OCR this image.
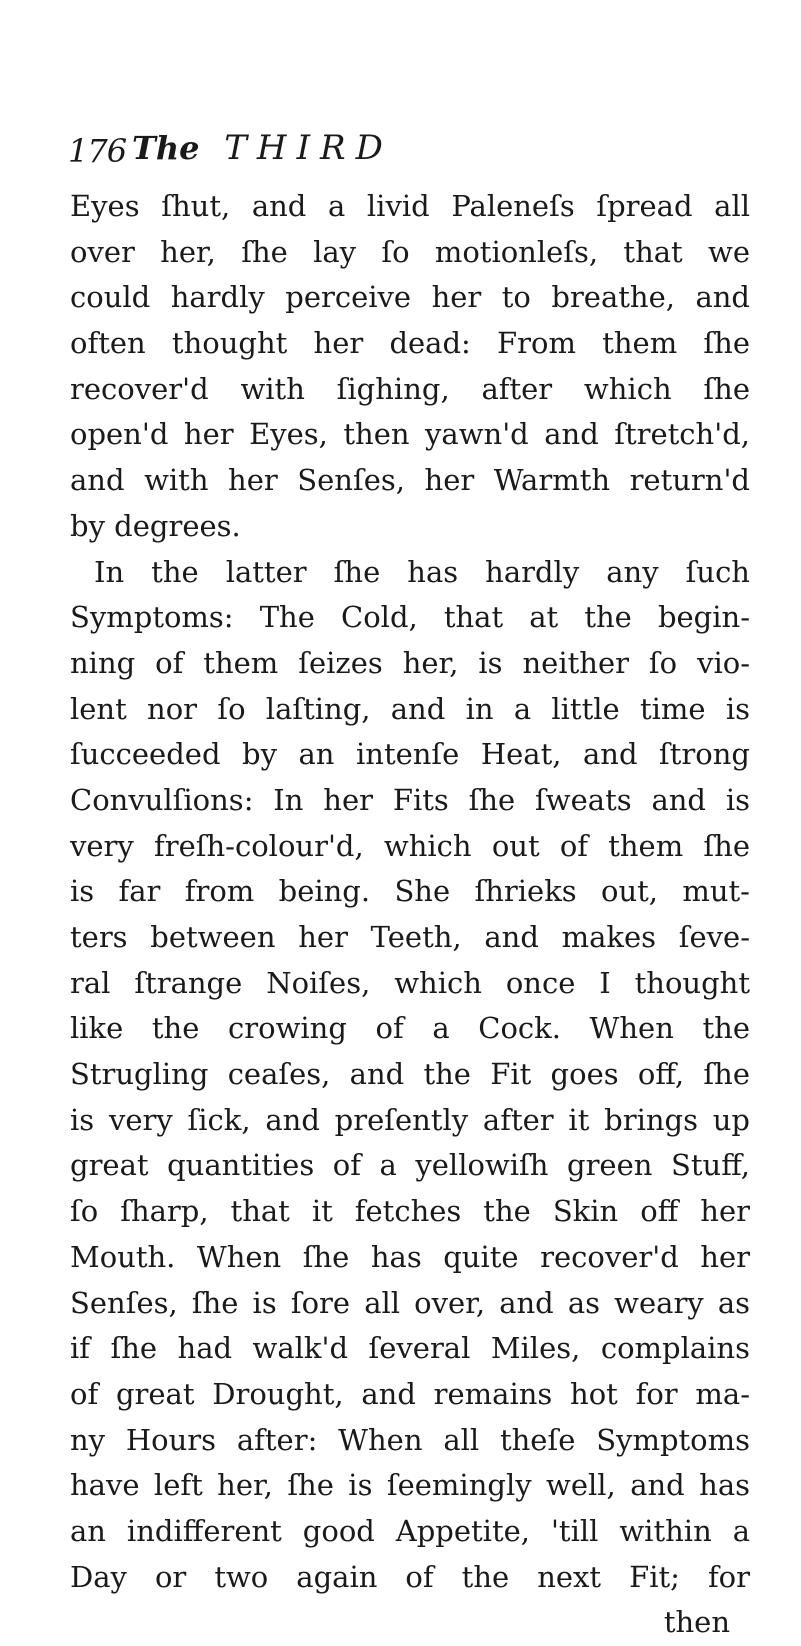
176 The THIRD
Eyes ſhut, and a livid Paleneſs ſpread all
over her, ſhe lay ſo motionleſs, that we
could hardly perceive her to breathe, and
often thought her dead: From them ſhe
recover'd with ſighing, after which ſhe
open'd her Eyes, then yawn'd and ſtretch'd,
and with her Senſes, her Warmth return'd
by degrees.
In the latter ſhe has hardly any ſuch
Symptoms: The Cold, that at the begin-
ning of them ſeizes her, is neither ſo vio-
lent nor ſo laſting, and in a little time is
ſucceeded by an intenſe Heat, and ſtrong
Convulſions: In her Fits ſhe ſweats and is
very freſh-colour'd, which out of them ſhe
is far from being. She ſhrieks out, mut-
ters between her Teeth, and makes ſeve-
ral ſtrange Noiſes, which once I thought
like the crowing of a Cock. When the
Strugling ceaſes, and the Fit goes off, ſhe
is very ſick, and preſently after it brings up
great quantities of a yellowiſh green Stuff,
ſo ſharp, that it fetches the Skin off her
Mouth. When ſhe has quite recover'd her
Senſes, ſhe is ſore all over, and as weary as
if ſhe had walk'd ſeveral Miles, complains
of great Drought, and remains hot for ma-
ny Hours after: When all theſe Symptoms
have left her, ſhe is ſeemingly well, and has
an indifferent good Appetite, 'till within a
Day or two again of the next Fit; for
then
